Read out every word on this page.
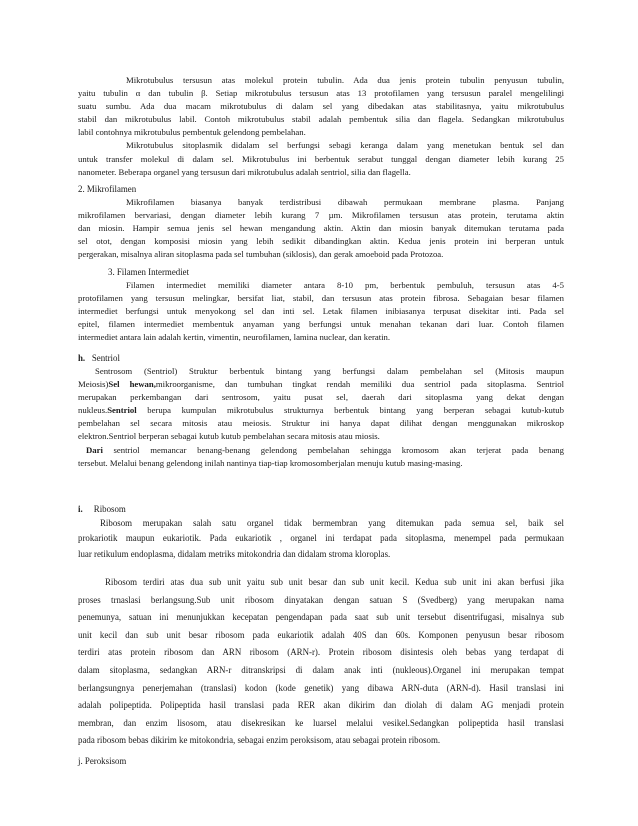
Mikrotubulus tersusun atas molekul protein tubulin. Ada dua jenis protein tubulin penyusun tubulin,
yaitu tubulin α dan tubulin β. Setiap mikrotubulus tersusun atas 13 protofilamen yang tersusun paralel mengelilingi
suatu sumbu. Ada dua macam mikrotubulus di dalam sel yang dibedakan atas stabilitasnya, yaitu mikrotubulus
stabil dan mikrotubulus labil. Contoh mikrotubulus stabil adalah pembentuk silia dan flagela. Sedangkan mikrotubulus
labil contohnya mikrotubulus pembentuk gelendong pembelahan.
Mikrotubulus sitoplasmik didalam sel berfungsi sebagi keranga dalam yang menetukan bentuk sel dan
untuk transfer molekul di dalam sel. Mikrotubulus ini berbentuk serabut tunggal dengan diameter lebih kurang 25
nanometer. Beberapa organel yang tersusun dari mikrotubulus adalah sentriol, silia dan flagella.
2. Mikrofilamen
Mikrofilamen biasanya banyak terdistribusi dibawah permukaan membrane plasma. Panjang
mikrofilamen bervariasi, dengan diameter lebih kurang 7 µm. Mikrofilamen tersusun atas protein, terutama aktin
dan miosin. Hampir semua jenis sel hewan mengandung aktin. Aktin dan miosin banyak ditemukan terutama pada
sel otot, dengan komposisi miosin yang lebih sedikit dibandingkan aktin. Kedua jenis protein ini berperan untuk
pergerakan, misalnya aliran sitoplasma pada sel tumbuhan (siklosis), dan gerak amoeboid pada Protozoa.
3. Filamen Intermediet
Filamen intermediet memiliki diameter antara 8-10 pm, berbentuk pembuluh, tersusun atas 4-5
protofilamen yang tersusun melingkar, bersifat liat, stabil, dan tersusun atas protein fibrosa. Sebagaian besar filamen
intermediet berfungsi untuk menyokong sel dan inti sel. Letak filamen inibiasanya terpusat disekitar inti. Pada sel
epitel, filamen intermediet membentuk anyaman yang berfungsi untuk menahan tekanan dari luar. Contoh filamen
intermediet antara lain adalah kertin, vimentin, neurofilamen, lamina nuclear, dan keratin.
h. Sentriol
Sentrosom (Sentriol) Struktur berbentuk bintang yang berfungsi dalam pembelahan sel (Mitosis maupun
Meiosis)Sel hewan,mikroorganisme, dan tumbuhan tingkat rendah memiliki dua sentriol pada sitoplasma. Sentriol
merupakan perkembangan dari sentrosom, yaitu pusat sel, daerah dari sitoplasma yang dekat dengan
nukleus.Sentriol berupa kumpulan mikrotubulus strukturnya berbentuk bintang yang berperan sebagai kutub-kutub
pembelahan sel secara mitosis atau meiosis. Struktur ini hanya dapat dilihat dengan menggunakan mikroskop
elektron.Sentriol berperan sebagai kutub kutub pembelahan secara mitosis atau miosis.
Dari sentriol memancar benang-benang gelendong pembelahan sehingga kromosom akan terjerat pada benang
tersebut. Melalui benang gelendong inilah nantinya tiap-tiap kromosomberjalan menuju kutub masing-masing.
i. Ribosom
Ribosom merupakan salah satu organel tidak bermembran yang ditemukan pada semua sel, baik sel
prokariotik maupun eukariotik. Pada eukariotik , organel ini terdapat pada sitoplasma, menempel pada permukaan
luar retikulum endoplasma, didalam metriks mitokondria dan didalam stroma kloroplas.
Ribosom terdiri atas dua sub unit yaitu sub unit besar dan sub unit kecil. Kedua sub unit ini akan berfusi jika
proses trnaslasi berlangsung.Sub unit ribosom dinyatakan dengan satuan S (Svedberg) yang merupakan nama
penemunya, satuan ini menunjukkan kecepatan pengendapan pada saat sub unit tersebut disentrifugasi, misalnya sub
unit kecil dan sub unit besar ribosom pada eukariotik adalah 40S dan 60s. Komponen penyusun besar ribosom
terdiri atas protein ribosom dan ARN ribosom (ARN-r). Protein ribosom disintesis oleh bebas yang terdapat di
dalam sitoplasma, sedangkan ARN-r ditranskripsi di dalam anak inti (nukleous).Organel ini merupakan tempat
berlangsungnya penerjemahan (translasi) kodon (kode genetik) yang dibawa ARN-duta (ARN-d). Hasil translasi ini
adalah polipeptida. Polipeptida hasil translasi pada RER akan dikirim dan diolah di dalam AG menjadi protein
membran, dan enzim lisosom, atau disekresikan ke luarsel melalui vesikel.Sedangkan polipeptida hasil translasi
pada ribosom bebas dikirim ke mitokondria, sebagai enzim peroksisom, atau sebagai protein ribosom.
j. Peroksisom
